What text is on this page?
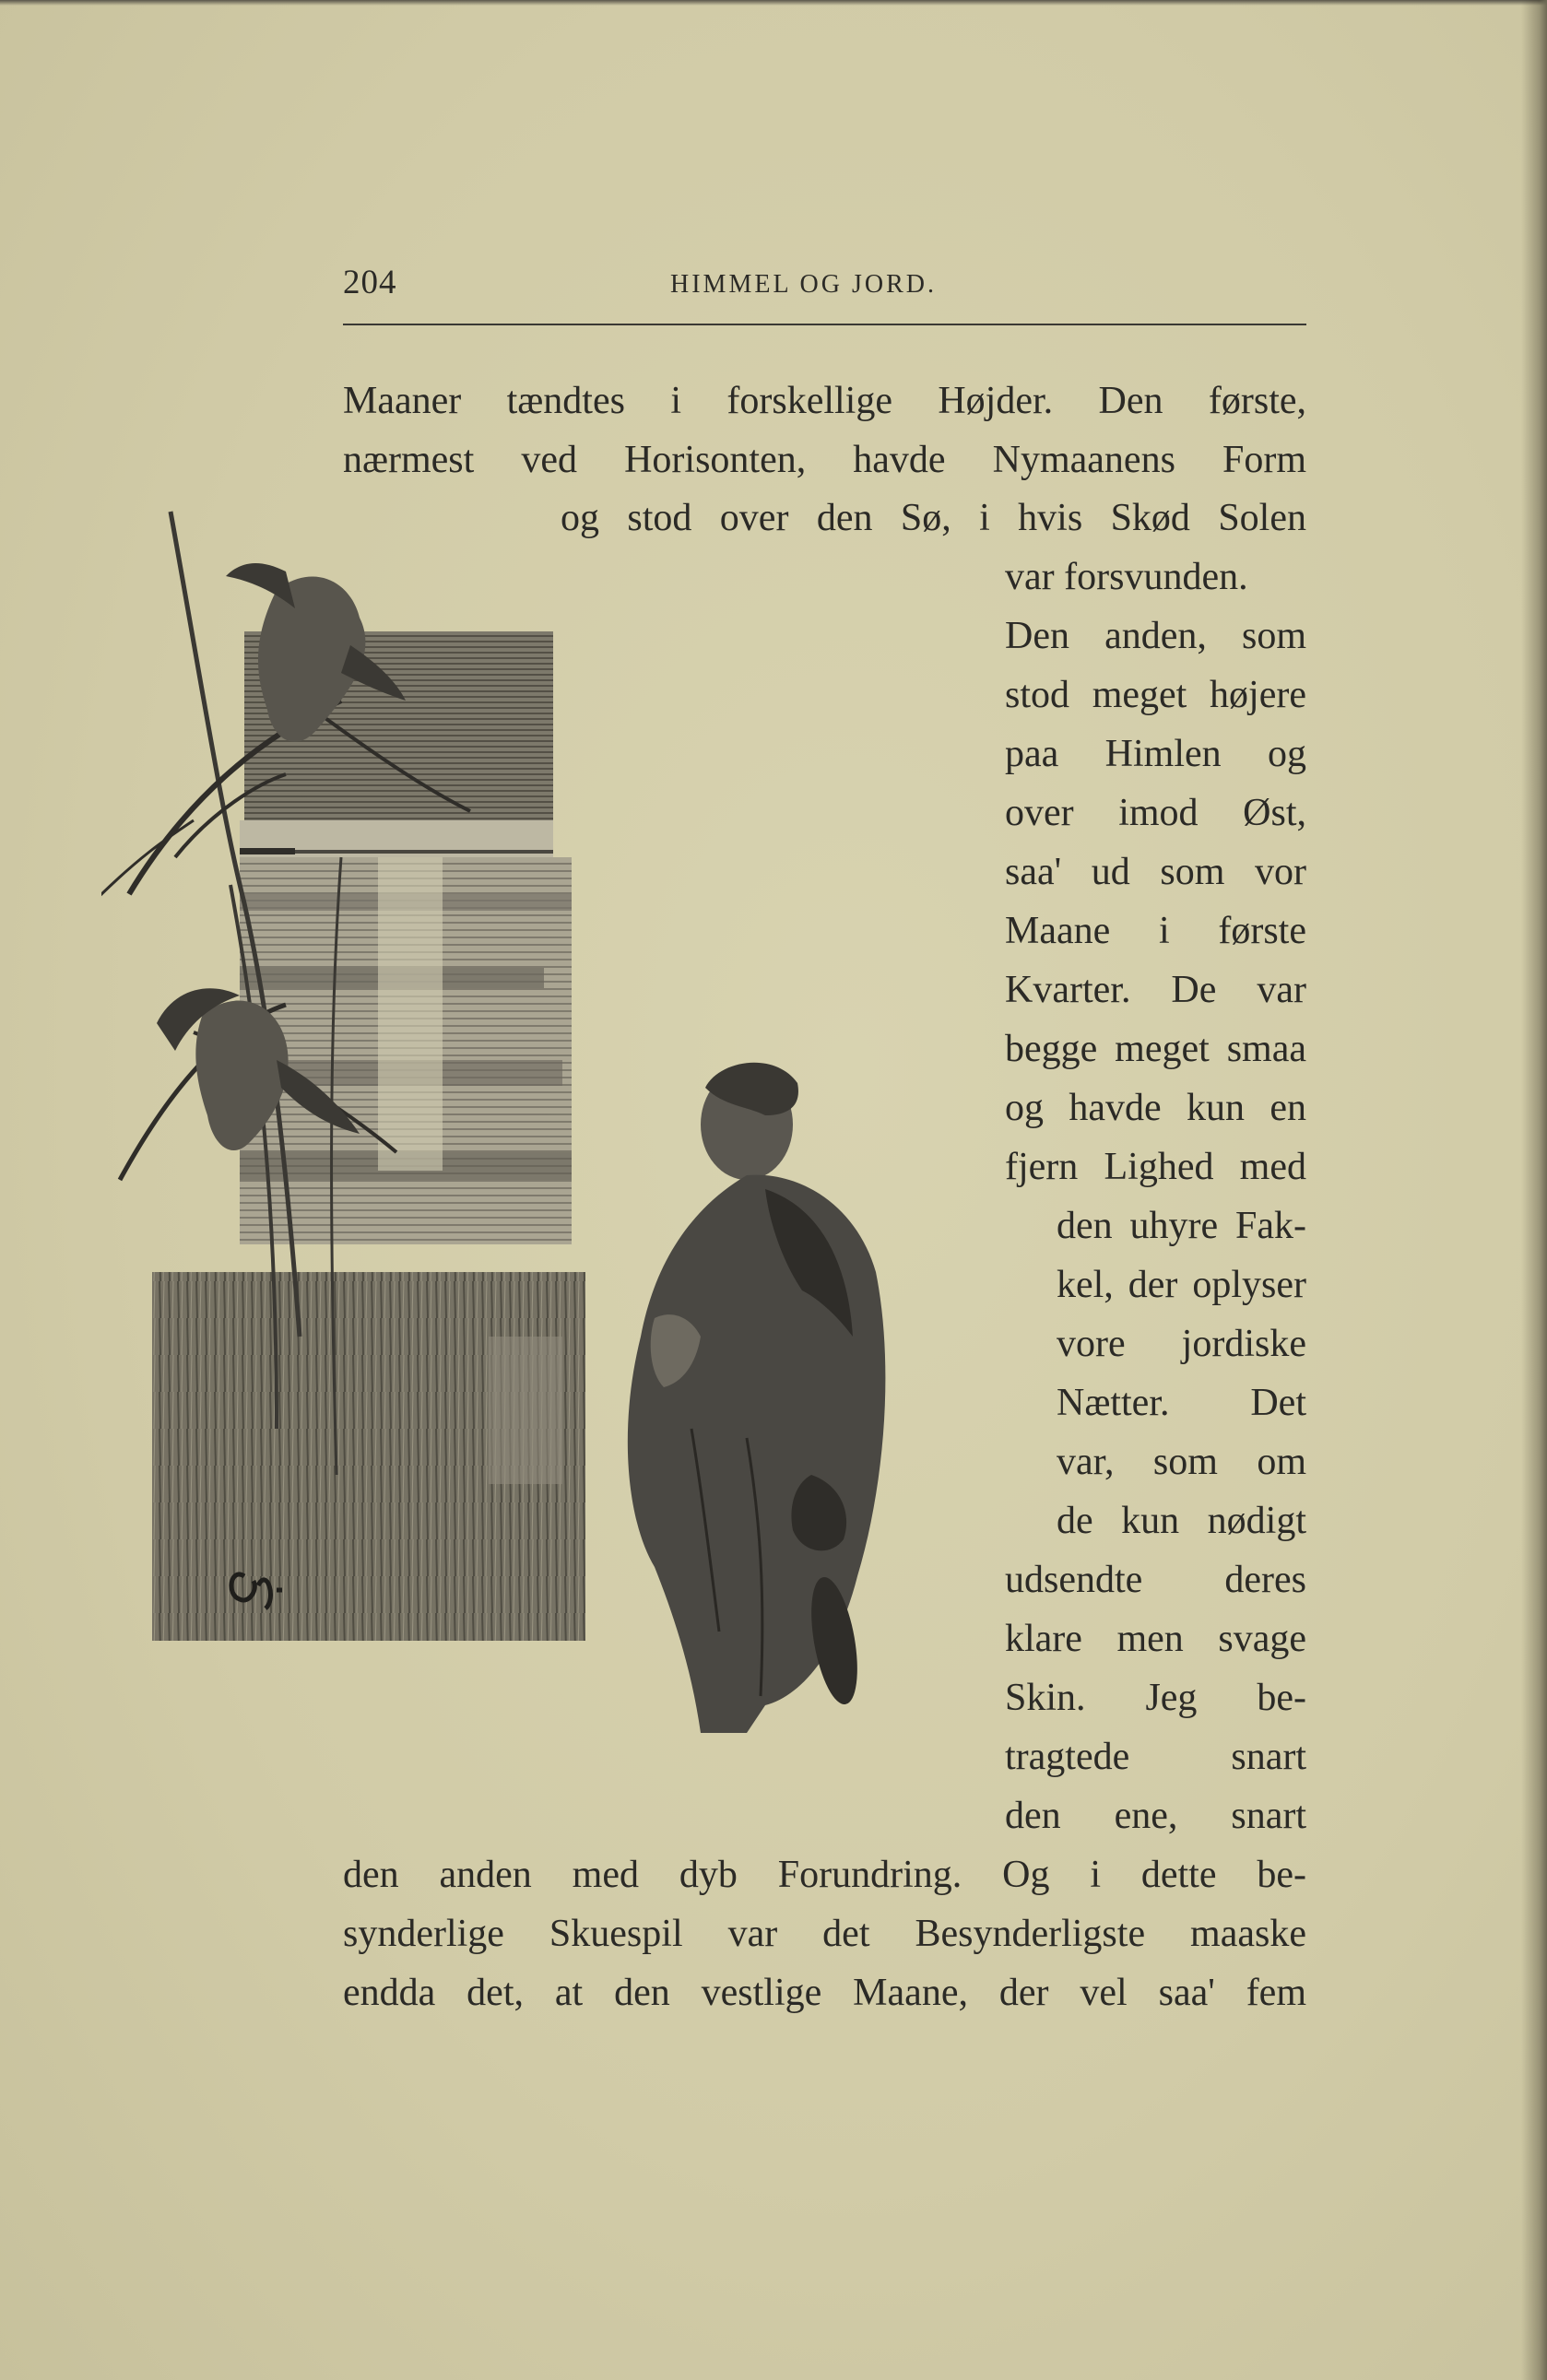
204	HIMMEL OG JORD.
Maaner tændtes i forskellige Højder. Den første,
nærmest ved Horisonten, havde Nymaanens Form
og stod over den Sø, i hvis Skød Solen
var forsvunden.
Den anden, som
stod meget højere
paa Himlen og
over imod Øst,
saa' ud som vor
Maane i første
Kvarter. De var
begge meget smaa
og havde kun en
fjern Lighed med
den uhyre Fak-
kel, der oplyser
vore jordiske
Nætter. Det
var, som om
de kun nødigt
udsendte deres
klare men svage
Skin. Jeg be-
tragtede snart
den ene, snart
den anden med dyb Forundring. Og i dette be-
synderlige Skuespil var det Besynderligste maaske
endda det, at den vestlige Maane, der vel saa' fem
